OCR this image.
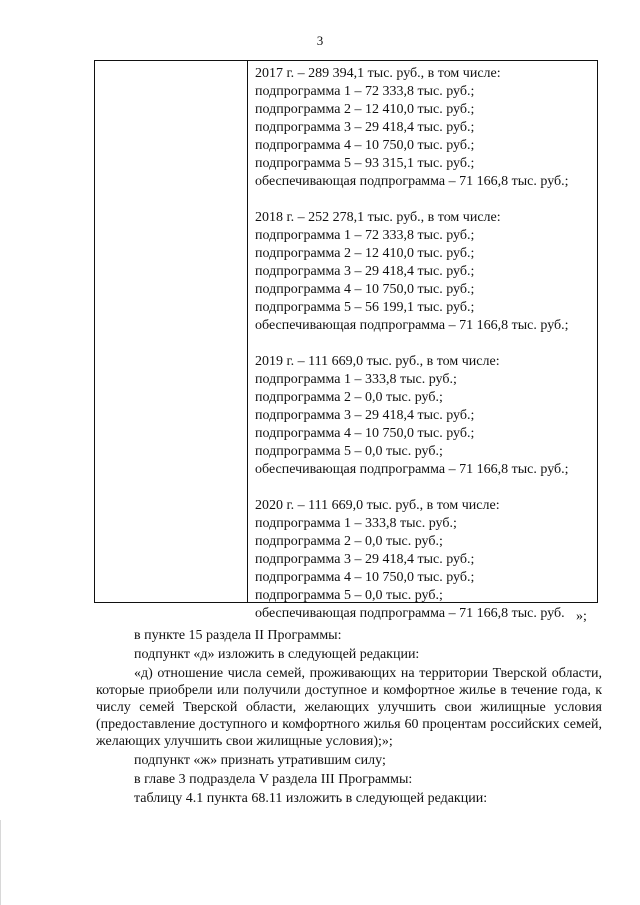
3
2017 г. – 289 394,1 тыс. руб., в том числе:
подпрограмма 1 – 72 333,8 тыс. руб.;
подпрограмма 2 – 12 410,0 тыс. руб.;
подпрограмма 3 – 29 418,4 тыс. руб.;
подпрограмма 4 – 10 750,0 тыс. руб.;
подпрограмма 5 – 93 315,1 тыс. руб.;
обеспечивающая подпрограмма – 71 166,8 тыс. руб.;
2018 г. – 252 278,1 тыс. руб., в том числе:
подпрограмма 1 – 72 333,8 тыс. руб.;
подпрограмма 2 – 12 410,0 тыс. руб.;
подпрограмма 3 – 29 418,4 тыс. руб.;
подпрограмма 4 – 10 750,0 тыс. руб.;
подпрограмма 5 – 56 199,1 тыс. руб.;
обеспечивающая подпрограмма – 71 166,8 тыс. руб.;
2019 г. – 111 669,0 тыс. руб., в том числе:
подпрограмма 1 – 333,8 тыс. руб.;
подпрограмма 2 – 0,0 тыс. руб.;
подпрограмма 3 – 29 418,4 тыс. руб.;
подпрограмма 4 – 10 750,0 тыс. руб.;
подпрограмма 5 – 0,0 тыс. руб.;
обеспечивающая подпрограмма – 71 166,8 тыс. руб.;
2020 г. – 111 669,0 тыс. руб., в том числе:
подпрограмма 1 – 333,8 тыс. руб.;
подпрограмма 2 – 0,0 тыс. руб.;
подпрограмма 3 – 29 418,4 тыс. руб.;
подпрограмма 4 – 10 750,0 тыс. руб.;
подпрограмма 5 – 0,0 тыс. руб.;
обеспечивающая подпрограмма – 71 166,8 тыс. руб. »;

в пункте 15 раздела II Программы:

подпункт «д» изложить в следующей редакции:

«д) отношение числа семей, проживающих на территории Тверской области, которые приобрели или получили доступное и комфортное жилье в течение года, к числу семей Тверской области, желающих улучшить свои жилищные условия (предоставление доступного и комфортного жилья 60 процентам российских семей, желающих улучшить свои жилищные условия);»;

подпункт «ж» признать утратившим силу;

в главе 3 подраздела V раздела III Программы:

таблицу 4.1 пункта 68.11 изложить в следующей редакции:
